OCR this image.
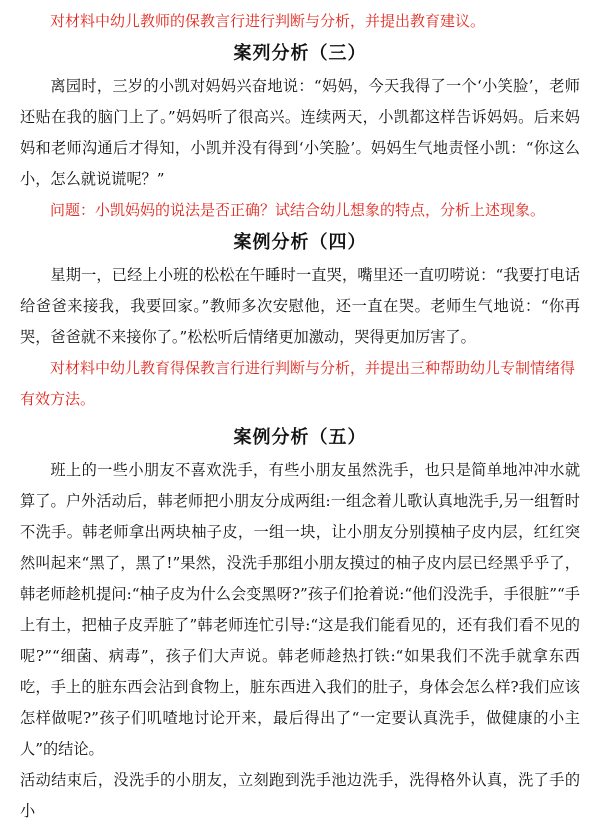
对材料中幼儿教师的保教言行进行判断与分析，并提出教育建议。

案列分析（三）

离园时，三岁的小凯对妈妈兴奋地说：“妈妈，今天我得了一个‘小笑脸’，老师还贴在我的脑门上了。”妈妈听了很高兴。连续两天，小凯都这样告诉妈妈。后来妈妈和老师沟通后才得知，小凯并没有得到‘小笑脸’。妈妈生气地责怪小凯：“你这么小，怎么就说谎呢？”

问题：小凯妈妈的说法是否正确？试结合幼儿想象的特点，分析上述现象。

案例分析（四）

星期一，已经上小班的松松在午睡时一直哭，嘴里还一直叨唠说：“我要打电话给爸爸来接我，我要回家。”教师多次安慰他，还一直在哭。老师生气地说：“你再哭，爸爸就不来接你了。”松松听后情绪更加激动，哭得更加厉害了。

对材料中幼儿教育得保教言行进行判断与分析，并提出三种帮助幼儿专制情绪得有效方法。

案例分析（五）

班上的一些小朋友不喜欢洗手，有些小朋友虽然洗手，也只是简单地冲冲水就算了。户外活动后，韩老师把小朋友分成两组:一组念着儿歌认真地洗手,另一组暂时不洗手。韩老师拿出两块柚子皮，一组一块，让小朋友分别摸柚子皮内层，红红突然叫起来“黑了，黑了!”果然，没洗手那组小朋友摸过的柚子皮内层已经黑乎乎了，韩老师趁机提问:“柚子皮为什么会变黑呀?”孩子们抢着说:“他们没洗手，手很脏”“手上有土，把柚子皮弄脏了”韩老师连忙引导:“这是我们能看见的，还有我们看不见的呢?”“细菌、病毒”，孩子们大声说。韩老师趁热打铁:“如果我们不洗手就拿东西吃，手上的脏东西会沾到食物上，脏东西进入我们的肚子，身体会怎么样?我们应该怎样做呢?”孩子们叽喳地讨论开来，最后得出了“一定要认真洗手，做健康的小主人”的结论。

活动结束后，没洗手的小朋友，立刻跑到洗手池边洗手，洗得格外认真，洗了手的小
